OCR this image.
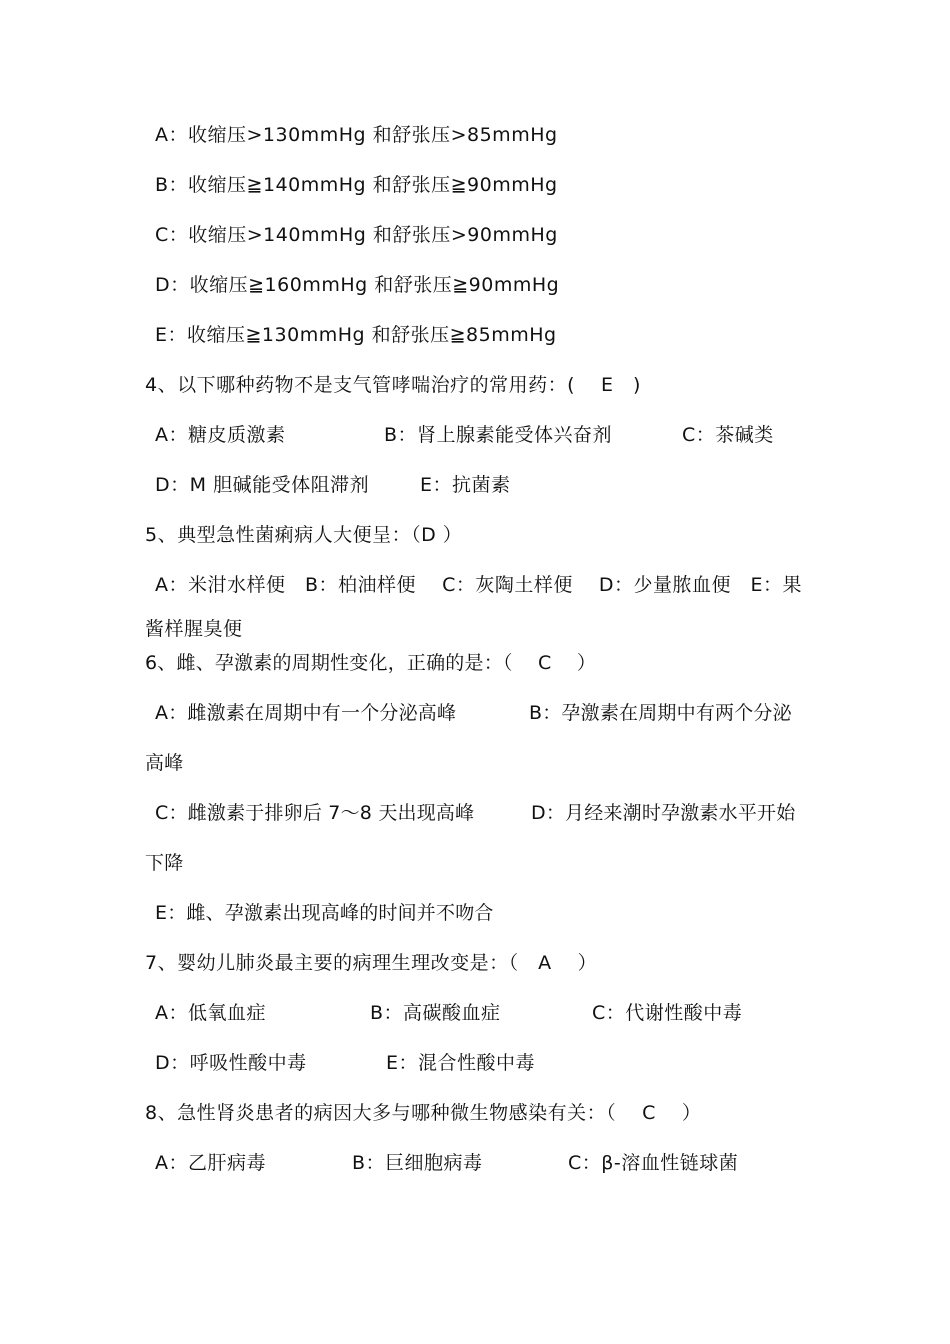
A：收缩压>130mmHg 和舒张压>85mmHg
B：收缩压≧140mmHg 和舒张压≧90mmHg
C：收缩压>140mmHg 和舒张压>90mmHg
D：收缩压≧160mmHg 和舒张压≧90mmHg
E：收缩压≧130mmHg 和舒张压≧85mmHg
4、以下哪种药物不是支气管哮喘治疗的常用药：(　 E　)
A：糖皮质激素	B：肾上腺素能受体兴奋剂	C：茶碱类
D：M 胆碱能受体阻滞剂	E：抗菌素
5、典型急性菌痢病人大便呈：（D ）
A：米泔水样便　B：柏油样便　 C：灰陶土样便　 D：少量脓血便　E：果
酱样腥臭便
6、雌、孕激素的周期性变化，正确的是：（　 C　 ）
A：雌激素在周期中有一个分泌高峰	B：孕激素在周期中有两个分泌
高峰
C：雌激素于排卵后 7～8 天出现高峰	D：月经来潮时孕激素水平开始
下降
E：雌、孕激素出现高峰的时间并不吻合
7、婴幼儿肺炎最主要的病理生理改变是：（　A　 ）
A：低氧血症	B：高碳酸血症	C：代谢性酸中毒
D：呼吸性酸中毒	E：混合性酸中毒
8、急性肾炎患者的病因大多与哪种微生物感染有关：（　 C　 ）
A：乙肝病毒	B：巨细胞病毒	C：β-溶血性链球菌
